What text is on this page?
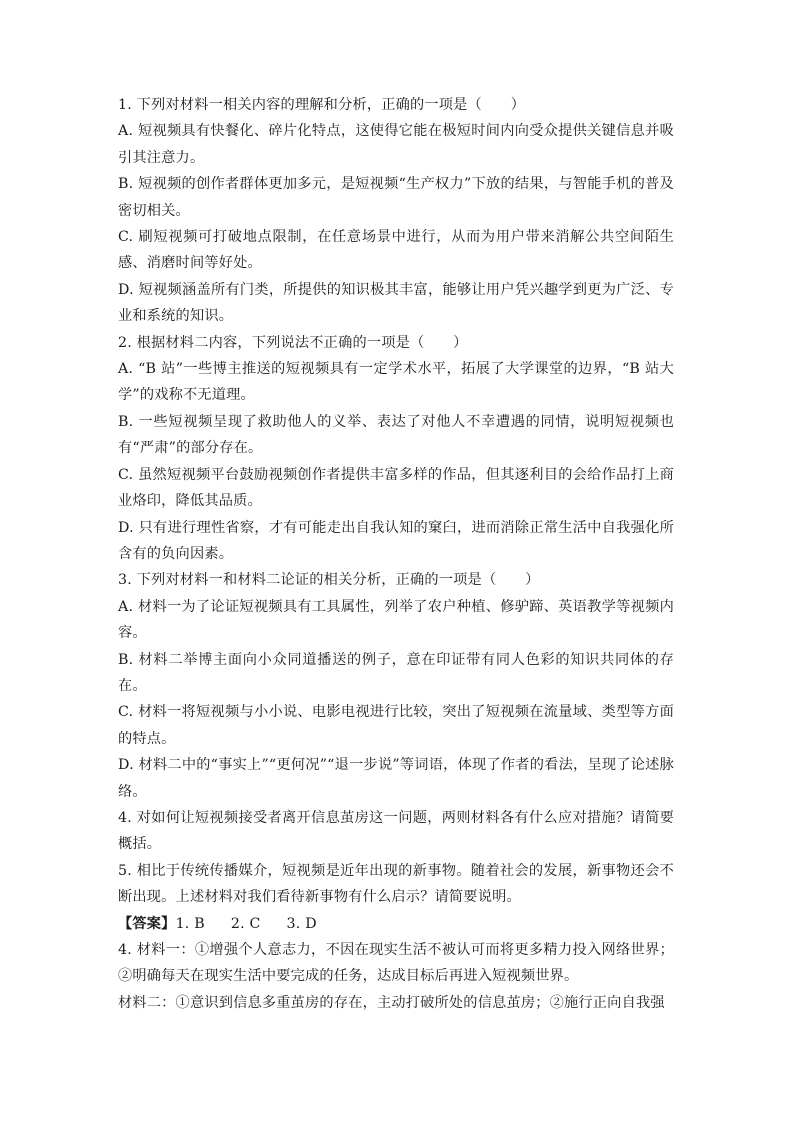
1. 下列对材料一相关内容的理解和分析，正确的一项是（　　）

A. 短视频具有快餐化、碎片化特点，这使得它能在极短时间内向受众提供关键信息并吸引其注意力。

B. 短视频的创作者群体更加多元，是短视频“生产权力”下放的结果，与智能手机的普及密切相关。

C. 刷短视频可打破地点限制，在任意场景中进行，从而为用户带来消解公共空间陌生感、消磨时间等好处。

D. 短视频涵盖所有门类，所提供的知识极其丰富，能够让用户凭兴趣学到更为广泛、专业和系统的知识。

2. 根据材料二内容，下列说法不正确的一项是（　　）

A. “B 站”一些博主推送的短视频具有一定学术水平，拓展了大学课堂的边界，“B 站大学”的戏称不无道理。

B. 一些短视频呈现了救助他人的义举、表达了对他人不幸遭遇的同情，说明短视频也有“严肃”的部分存在。

C. 虽然短视频平台鼓励视频创作者提供丰富多样的作品，但其逐利目的会给作品打上商业烙印，降低其品质。

D. 只有进行理性省察，才有可能走出自我认知的窠臼，进而消除正常生活中自我强化所含有的负向因素。

3. 下列对材料一和材料二论证的相关分析，正确的一项是（　　）

A. 材料一为了论证短视频具有工具属性，列举了农户种植、修驴蹄、英语教学等视频内容。

B. 材料二举博主面向小众同道播送的例子，意在印证带有同人色彩的知识共同体的存在。

C. 材料一将短视频与小小说、电影电视进行比较，突出了短视频在流量域、类型等方面的特点。

D. 材料二中的“事实上”“更何况”“退一步说”等词语，体现了作者的看法，呈现了论述脉络。

4. 对如何让短视频接受者离开信息茧房这一问题，两则材料各有什么应对措施？请简要概括。

5. 相比于传统传播媒介，短视频是近年出现的新事物。随着社会的发展，新事物还会不断出现。上述材料对我们看待新事物有什么启示？请简要说明。

【答案】1. B 2. C 3. D

4. 材料一：①增强个人意志力，不因在现实生活不被认可而将更多精力投入网络世界；②明确每天在现实生活中要完成的任务，达成目标后再进入短视频世界。

材料二：①意识到信息多重茧房的存在，主动打破所处的信息茧房；②施行正向自我强
